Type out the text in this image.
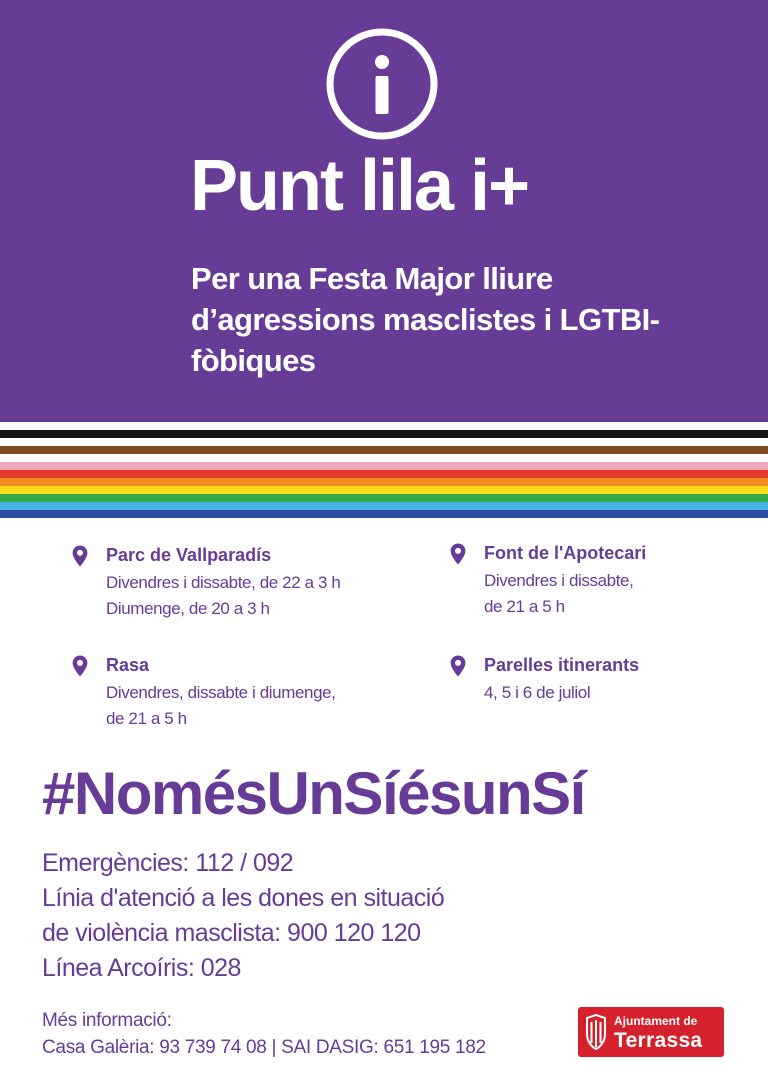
Punt lila i+
Per una Festa Major lliure d’agressions masclistes i LGTBI-fòbiques
Parc de Vallparadís
Divendres i dissabte, de 22 a 3 h
Diumenge, de 20 a 3 h
Font de l'Apotecari
Divendres i dissabte,
de 21 a 5 h
Rasa
Divendres, dissabte i diumenge,
de 21 a 5 h
Parelles itinerants
4, 5 i 6 de juliol
#NomésUnSíésunSí
Emergències: 112 / 092
Línia d'atenció a les dones en situació
de violència masclista: 900 120 120
Línea Arcoíris: 028
Més informació:
Casa Galèria: 93 739 74 08 | SAI DASIG: 651 195 182
Ajuntament de
Terrassa
